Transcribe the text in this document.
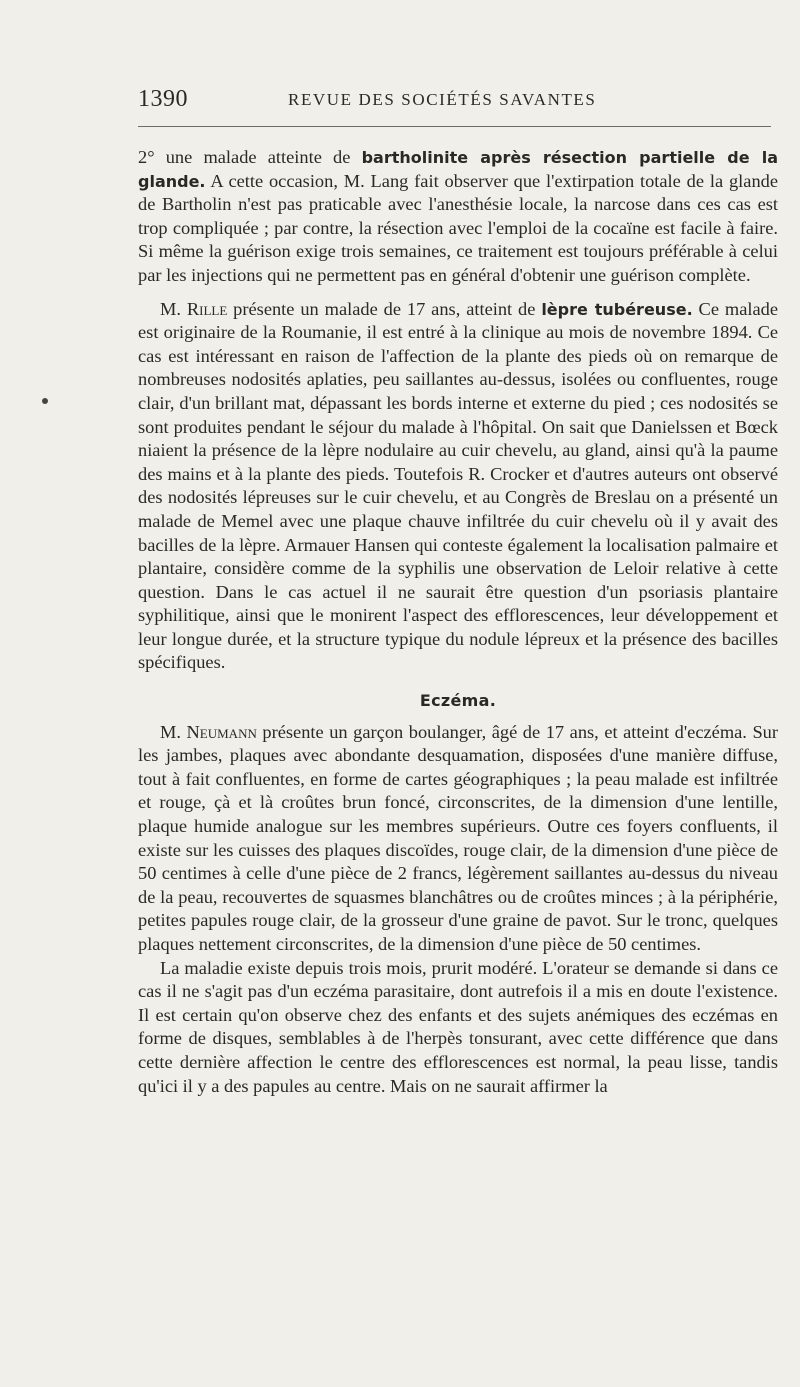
1390	REVUE DES SOCIÉTÉS SAVANTES

2° une malade atteinte de bartholinite après résection partielle de la glande. A cette occasion, M. Lang fait observer que l'extirpation totale de la glande de Bartholin n'est pas praticable avec l'anesthésie locale, la narcose dans ces cas est trop compliquée ; par contre, la résection avec l'emploi de la cocaïne est facile à faire. Si même la guérison exige trois semaines, ce traitement est toujours préférable à celui par les injections qui ne permettent pas en général d'obtenir une guérison complète.

M. Rille présente un malade de 17 ans, atteint de lèpre tubéreuse. Ce malade est originaire de la Roumanie, il est entré à la clinique au mois de novembre 1894. Ce cas est intéressant en raison de l'affection de la plante des pieds où on remarque de nombreuses nodosités aplaties, peu saillantes au-dessus, isolées ou confluentes, rouge clair, d'un brillant mat, dépassant les bords interne et externe du pied ; ces nodosités se sont produites pendant le séjour du malade à l'hôpital. On sait que Danielssen et Bœck niaient la présence de la lèpre nodulaire au cuir chevelu, au gland, ainsi qu'à la paume des mains et à la plante des pieds. Toutefois R. Crocker et d'autres auteurs ont observé des nodosités lépreuses sur le cuir chevelu, et au Congrès de Breslau on a présenté un malade de Memel avec une plaque chauve infiltrée du cuir chevelu où il y avait des bacilles de la lèpre. Armauer Hansen qui conteste également la localisation palmaire et plantaire, considère comme de la syphilis une observation de Leloir relative à cette question. Dans le cas actuel il ne saurait être question d'un psoriasis plantaire syphilitique, ainsi que le monirent l'aspect des efflorescences, leur développement et leur longue durée, et la structure typique du nodule lépreux et la présence des bacilles spécifiques.

Eczéma.

M. Neumann présente un garçon boulanger, âgé de 17 ans, et atteint d'eczéma. Sur les jambes, plaques avec abondante desquamation, disposées d'une manière diffuse, tout à fait confluentes, en forme de cartes géographiques ; la peau malade est infiltrée et rouge, çà et là croûtes brun foncé, circonscrites, de la dimension d'une lentille, plaque humide analogue sur les membres supérieurs. Outre ces foyers confluents, il existe sur les cuisses des plaques discoïdes, rouge clair, de la dimension d'une pièce de 50 centimes à celle d'une pièce de 2 francs, légèrement saillantes au-dessus du niveau de la peau, recouvertes de squasmes blanchâtres ou de croûtes minces ; à la périphérie, petites papules rouge clair, de la grosseur d'une graine de pavot. Sur le tronc, quelques plaques nettement circonscrites, de la dimension d'une pièce de 50 centimes.

La maladie existe depuis trois mois, prurit modéré. L'orateur se demande si dans ce cas il ne s'agit pas d'un eczéma parasitaire, dont autrefois il a mis en doute l'existence. Il est certain qu'on observe chez des enfants et des sujets anémiques des eczémas en forme de disques, semblables à de l'herpès tonsurant, avec cette différence que dans cette dernière affection le centre des efflorescences est normal, la peau lisse, tandis qu'ici il y a des papules au centre. Mais on ne saurait affirmer la
